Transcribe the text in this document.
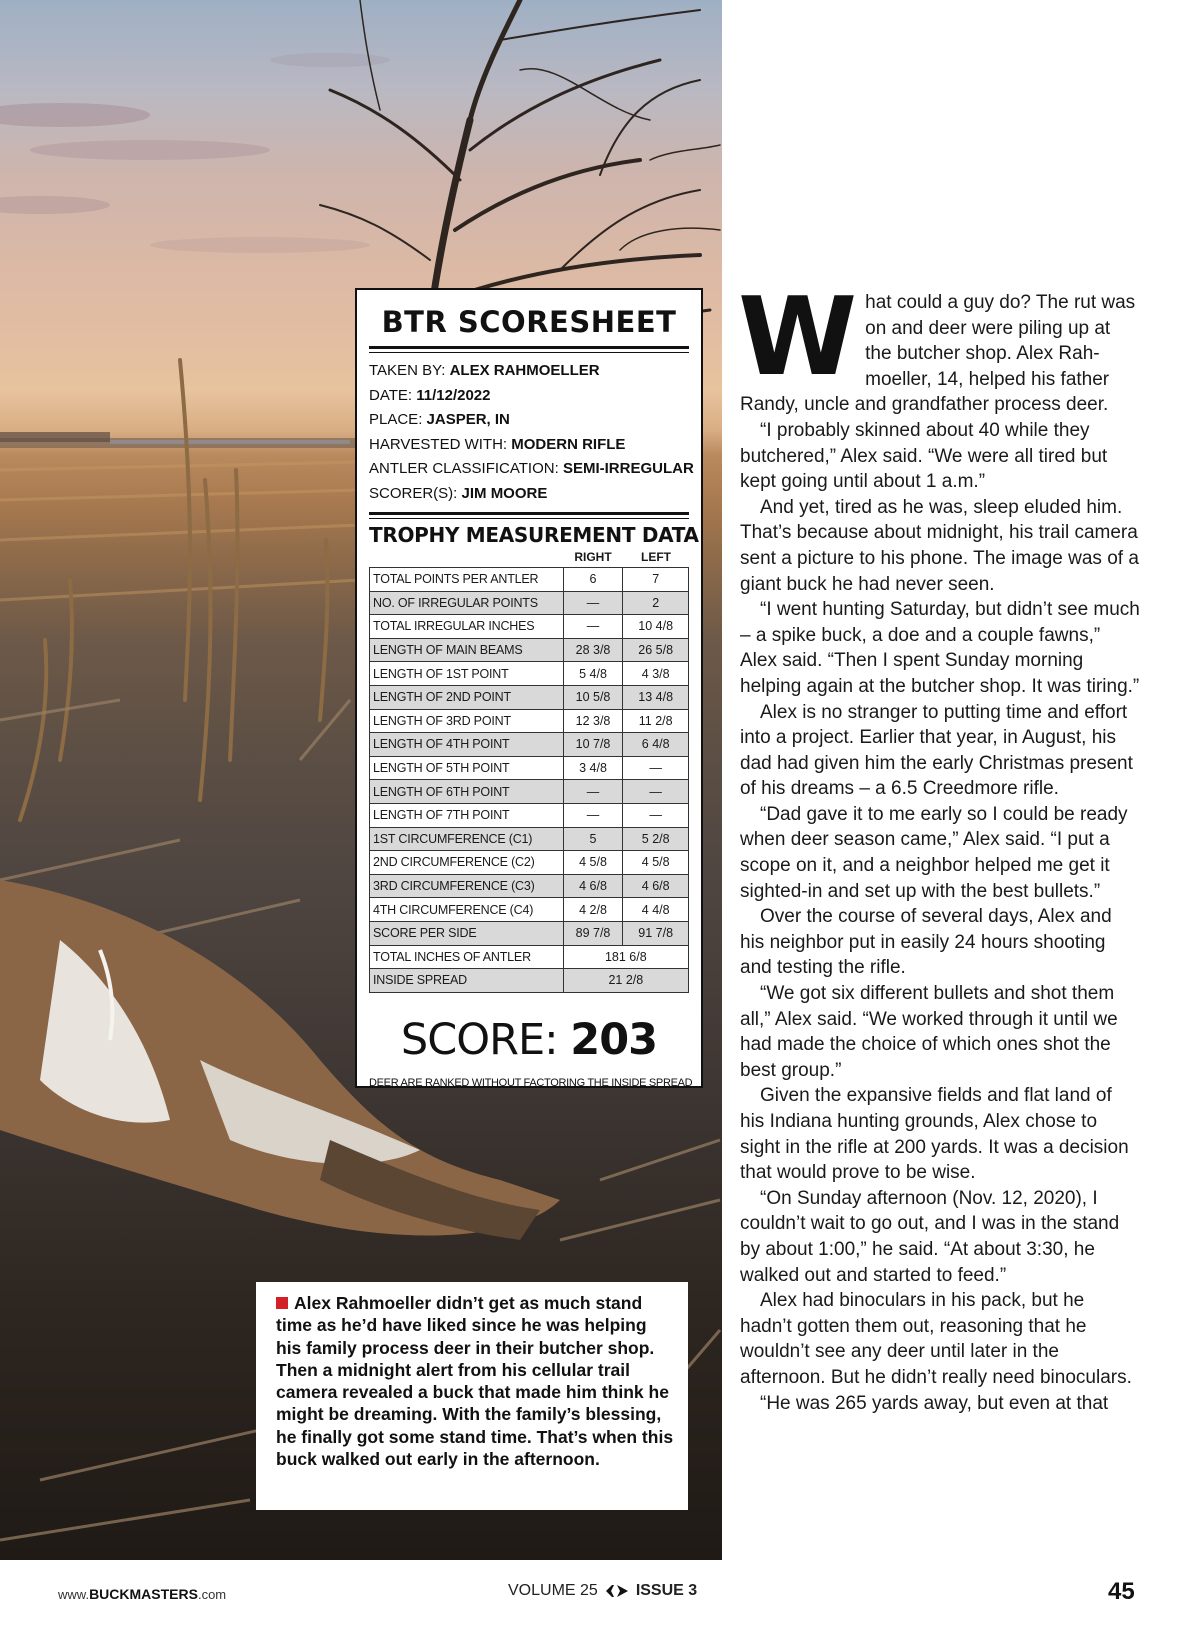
BTR SCORESHEET
TAKEN BY: ALEX RAHMOELLER
DATE: 11/12/2022
PLACE: JASPER, IN
HARVESTED WITH: MODERN RIFLE
ANTLER CLASSIFICATION: SEMI-IRREGULAR
SCORER(S): JIM MOORE
TROPHY MEASUREMENT DATA
RIGHT	LEFT
TOTAL POINTS PER ANTLER	6	7
NO. OF IRREGULAR POINTS	—	2
TOTAL IRREGULAR INCHES	—	10 4/8
LENGTH OF MAIN BEAMS	28 3/8	26 5/8
LENGTH OF 1ST POINT	5 4/8	4 3/8
LENGTH OF 2ND POINT	10 5/8	13 4/8
LENGTH OF 3RD POINT	12 3/8	11 2/8
LENGTH OF 4TH POINT	10 7/8	6 4/8
LENGTH OF 5TH POINT	3 4/8	—
LENGTH OF 6TH POINT	—	—
LENGTH OF 7TH POINT	—	—
1ST CIRCUMFERENCE (C1)	5	5 2/8
2ND CIRCUMFERENCE (C2)	4 5/8	4 5/8
3RD CIRCUMFERENCE (C3)	4 6/8	4 6/8
4TH CIRCUMFERENCE (C4)	4 2/8	4 4/8
SCORE PER SIDE	89 7/8	91 7/8
TOTAL INCHES OF ANTLER	181 6/8	
INSIDE SPREAD	21 2/8	
SCORE: 203
DEER ARE RANKED WITHOUT FACTORING THE INSIDE SPREAD
Alex Rahmoeller didn’t get as much stand time as he’d have liked since he was helping his family process deer in their butcher shop. Then a midnight alert from his cellular trail camera revealed a buck that made him think he might be dreaming. With the family’s blessing, he finally got some stand time. That’s when this buck walked out early in the afternoon.

What could a guy do? The rut was on and deer were piling up at the butcher shop. Alex Rahmoeller, 14, helped his father Randy, uncle and grandfather process deer.

“I probably skinned about 40 while they butchered,” Alex said. “We were all tired but kept going until about 1 a.m.”

And yet, tired as he was, sleep eluded him. That’s because about midnight, his trail camera sent a picture to his phone. The image was of a giant buck he had never seen.

“I went hunting Saturday, but didn’t see much – a spike buck, a doe and a couple fawns,” Alex said. “Then I spent Sunday morning helping again at the butcher shop. It was tiring.”

Alex is no stranger to putting time and effort into a project. Earlier that year, in August, his dad had given him the early Christmas present of his dreams – a 6.5 Creedmore rifle.

“Dad gave it to me early so I could be ready when deer season came,” Alex said. “I put a scope on it, and a neighbor helped me get it sighted-in and set up with the best bullets.”

Over the course of several days, Alex and his neighbor put in easily 24 hours shooting and testing the rifle.

“We got six different bullets and shot them all,” Alex said. “We worked through it until we had made the choice of which ones shot the best group.”

Given the expansive fields and flat land of his Indiana hunting grounds, Alex chose to sight in the rifle at 200 yards. It was a decision that would prove to be wise.

“On Sunday afternoon (Nov. 12, 2020), I couldn’t wait to go out, and I was in the stand by about 1:00,” he said. “At about 3:30, he walked out and started to feed.”

Alex had binoculars in his pack, but he hadn’t gotten them out, reasoning that he wouldn’t see any deer until later in the afternoon. But he didn’t really need binoculars.

“He was 265 yards away, but even at that

www.BUCKMASTERS.com	VOLUME 25 ISSUE 3	45
